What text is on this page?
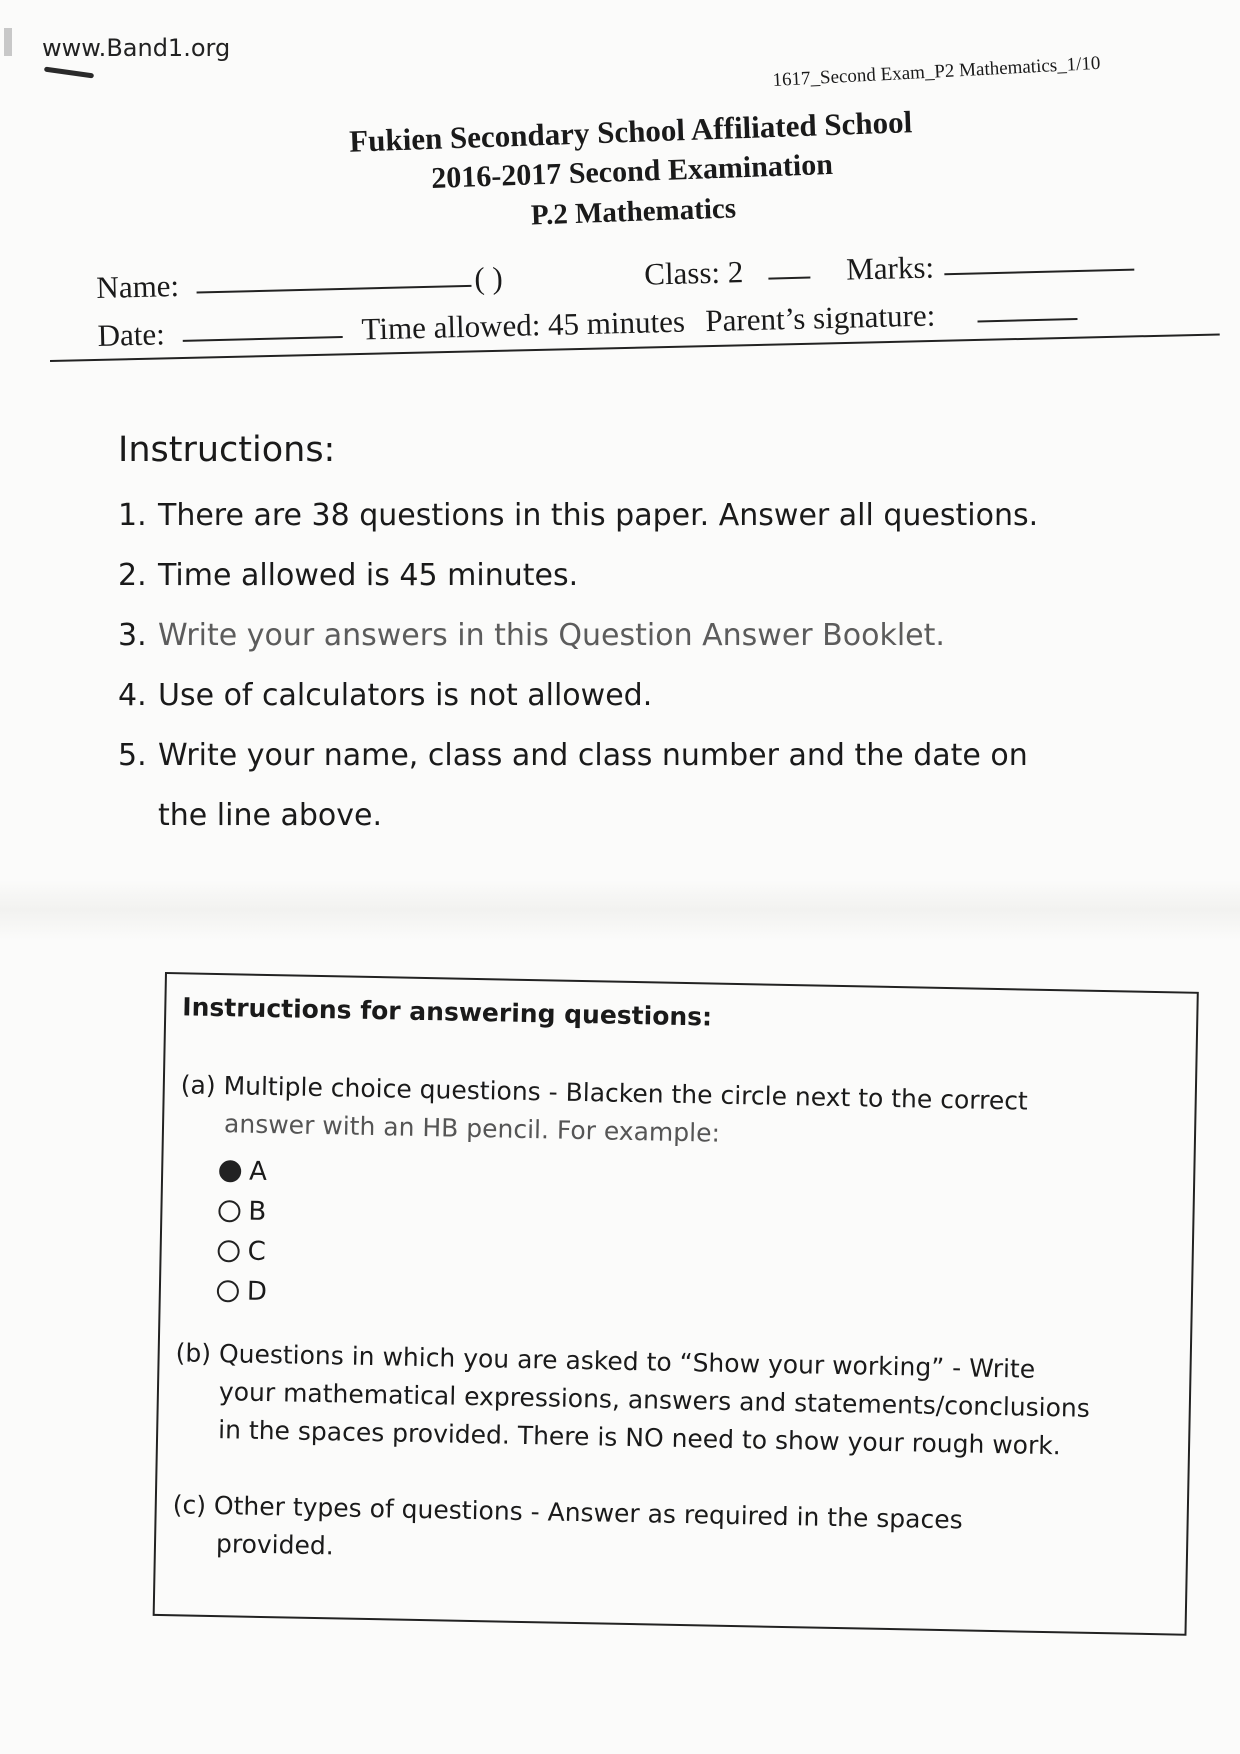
www.Band1.org
1617_Second Exam_P2 Mathematics_1/10
Fukien Secondary School Affiliated School
2016-2017 Second Examination
P.2 Mathematics
Name:	( )	Class: 2	Marks:
Date:	Time allowed: 45 minutes Parent’s signature:
Instructions:
1. There are 38 questions in this paper. Answer all questions.
2. Time allowed is 45 minutes.
3. Write your answers in this Question Answer Booklet.
4. Use of calculators is not allowed.
5. Write your name, class and class number and the date on the line above.
Instructions for answering questions:
(a) Multiple choice questions - Blacken the circle next to the correct
answer with an HB pencil. For example:
A
B
C
D
(b) Questions in which you are asked to “Show your working” - Write
your mathematical expressions, answers and statements/conclusions
in the spaces provided. There is NO need to show your rough work.
(c) Other types of questions - Answer as required in the spaces
provided.
